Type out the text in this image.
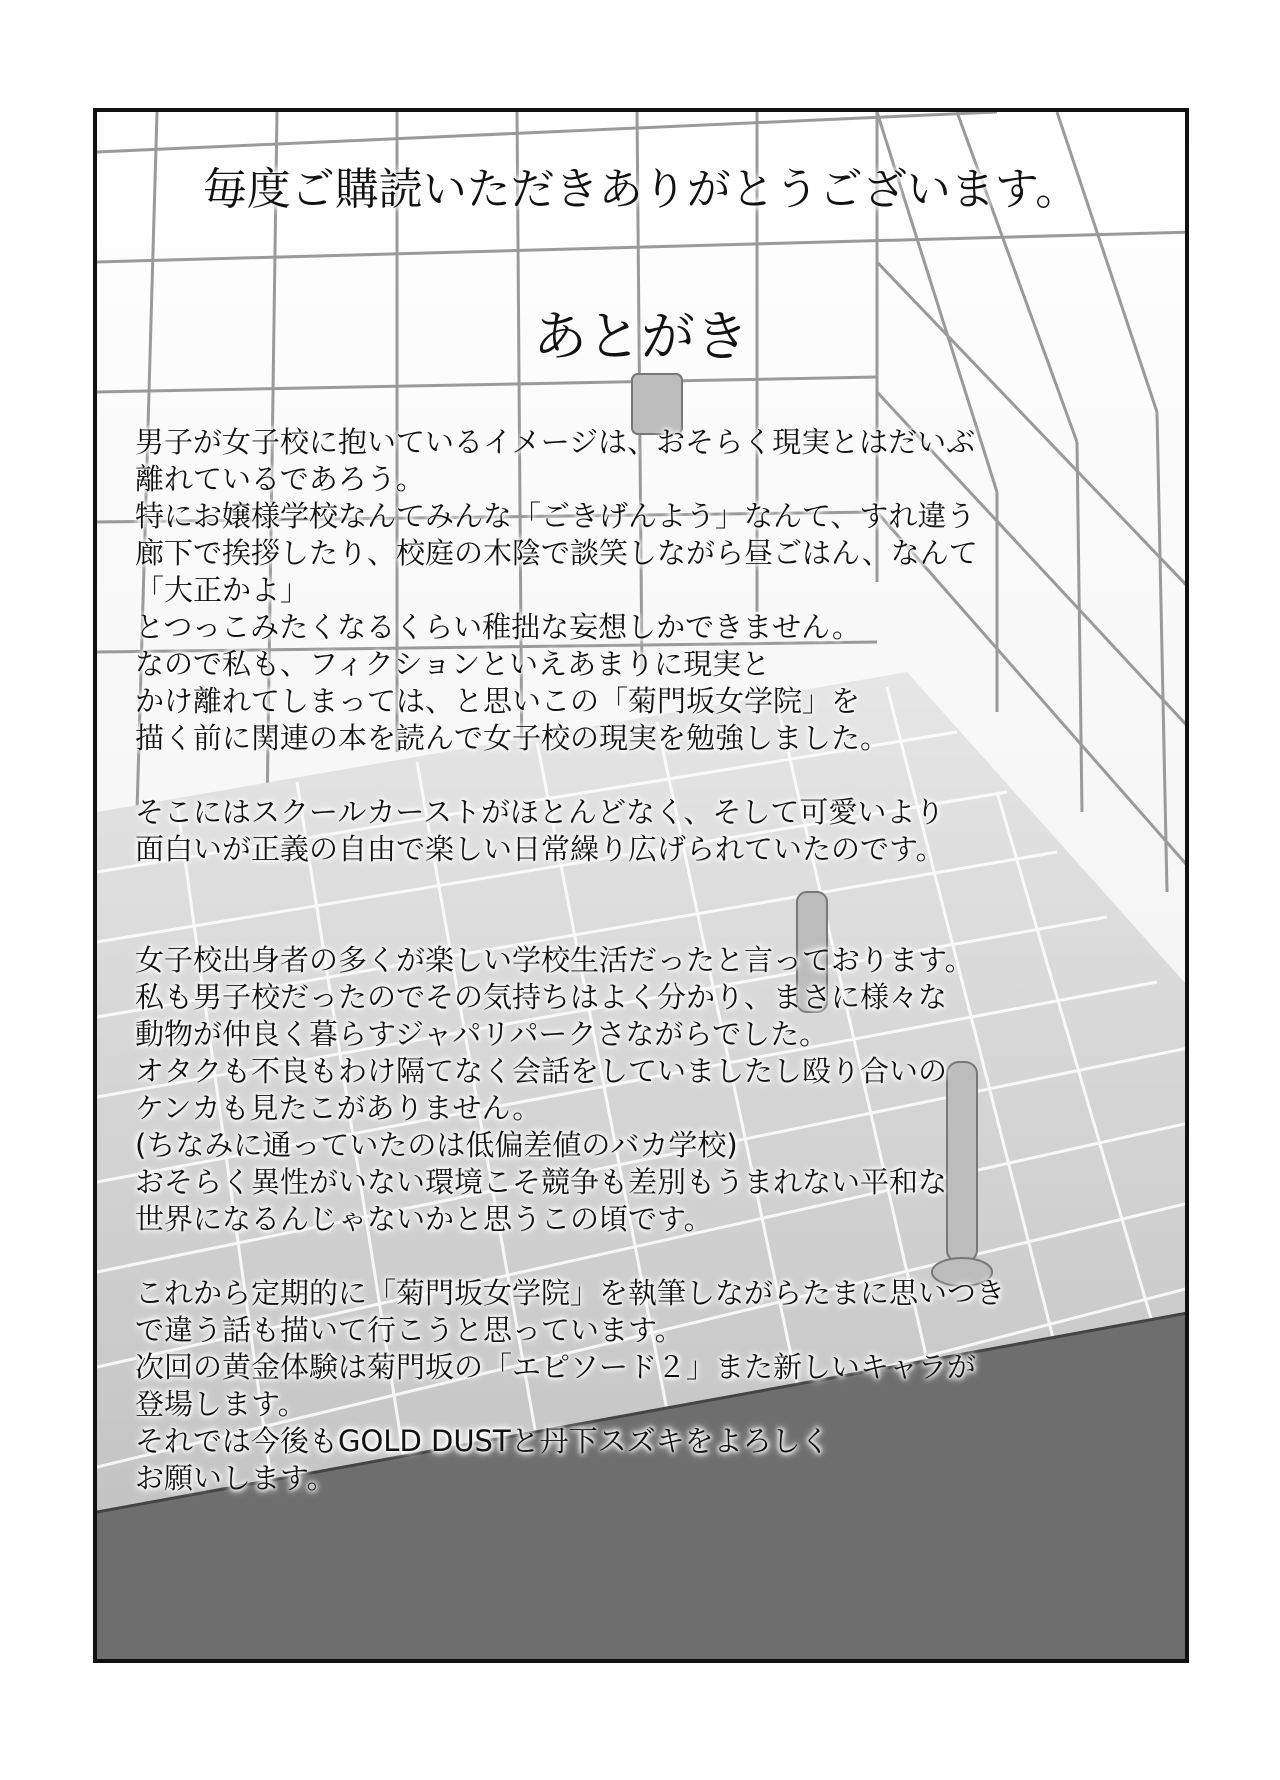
毎度ご購読いただきありがとうございます。
あとがき
男子が女子校に抱いているイメージは、おそらく現実とはだいぶ
離れているであろう。
特にお嬢様学校なんてみんな「ごきげんよう」なんて、すれ違う
廊下で挨拶したり、校庭の木陰で談笑しながら昼ごはん、なんて
「大正かよ」
とつっこみたくなるくらい稚拙な妄想しかできません。
なので私も、フィクションといえあまりに現実と
かけ離れてしまっては、と思いこの「菊門坂女学院」を
描く前に関連の本を読んで女子校の現実を勉強しました。
そこにはスクールカーストがほとんどなく、そして可愛いより
面白いが正義の自由で楽しい日常繰り広げられていたのです。
女子校出身者の多くが楽しい学校生活だったと言っております。
私も男子校だったのでその気持ちはよく分かり、まさに様々な
動物が仲良く暮らすジャパリパークさながらでした。
オタクも不良もわけ隔てなく会話をしていましたし殴り合いの
ケンカも見たこがありません。
(ちなみに通っていたのは低偏差値のバカ学校)
おそらく異性がいない環境こそ競争も差別もうまれない平和な
世界になるんじゃないかと思うこの頃です。
これから定期的に「菊門坂女学院」を執筆しながらたまに思いつき
で違う話も描いて行こうと思っています。
次回の黄金体験は菊門坂の「エピソード２」また新しいキャラが
登場します。
それでは今後もGOLD DUSTと丹下スズキをよろしく
お願いします。
